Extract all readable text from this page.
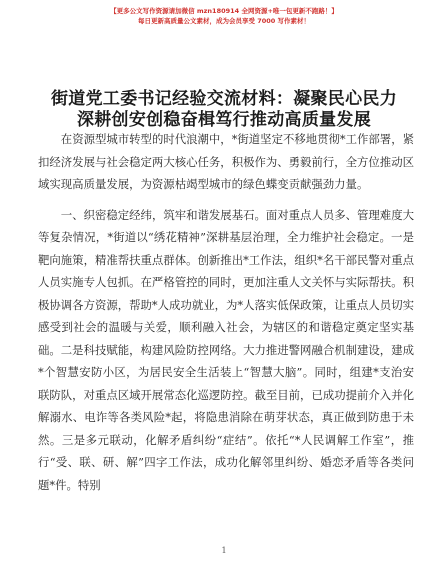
【更多公文写作资源请加微信 mzn180914 全网资源+唯一包更新不跑路！】
每日更新高质量公文素材，成为会员享受 7000 写作素材！
街道党工委书记经验交流材料：凝聚民心民力
深耕创安创稳奋楫笃行推动高质量发展

在资源型城市转型的时代浪潮中，*街道坚定不移地贯彻*工作部署，紧扣经济发展与社会稳定两大核心任务，积极作为、勇毅前行，全方位推动区域实现高质量发展，为资源枯竭型城市的绿色蝶变贡献强劲力量。

一、织密稳定经纬，筑牢和谐发展基石。面对重点人员多、管理难度大等复杂情况，*街道以“绣花精神”深耕基层治理，全力维护社会稳定。一是靶向施策，精准帮扶重点群体。创新推出*工作法，组织*名干部民警对重点人员实施专人包抓。在严格管控的同时，更加注重人文关怀与实际帮扶。积极协调各方资源，帮助*人成功就业，为*人落实低保政策，让重点人员切实感受到社会的温暖与关爱，顺利融入社会，为辖区的和谐稳定奠定坚实基础。二是科技赋能，构建风险防控网络。大力推进警网融合机制建设，建成*个智慧安防小区，为居民安全生活装上“智慧大脑”。同时，组建*支治安联防队，对重点区域开展常态化巡逻防控。截至目前，已成功提前介入并化解溺水、电诈等各类风险*起，将隐患消除在萌芽状态，真正做到防患于未然。三是多元联动，化解矛盾纠纷“症结”。依托“*人民调解工作室”，推行“受、联、研、解”四字工作法，成功化解邻里纠纷、婚恋矛盾等各类问题*件。特别

1
